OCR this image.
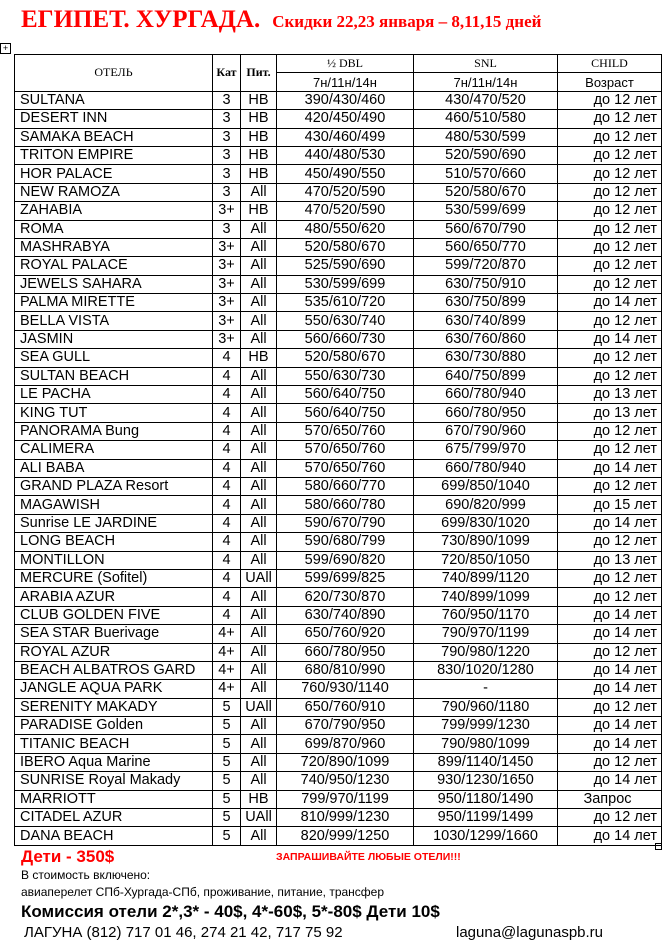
ЕГИПЕТ. ХУРГАДА. Скидки 22,23 января – 8,11,15 дней
+
ОТЕЛЬ	Кат	Пит.	½ DBL	SNL	CHILD
			7н/11н/14н	7н/11н/14н	Возраст
SULTANA	3	HB	390/430/460	430/470/520	до 12 лет
DESERT INN	3	HB	420/450/490	460/510/580	до 12 лет
SAMAKA BEACH	3	HB	430/460/499	480/530/599	до 12 лет
TRITON EMPIRE	3	HB	440/480/530	520/590/690	до 12 лет
HOR PALACE	3	HB	450/490/550	510/570/660	до 12 лет
NEW RAMOZA	3	All	470/520/590	520/580/670	до 12 лет
ZAHABIA	3+	HB	470/520/590	530/599/699	до 12 лет
ROMA	3	All	480/550/620	560/670/790	до 12 лет
MASHRABYA	3+	All	520/580/670	560/650/770	до 12 лет
ROYAL PALACE	3+	All	525/590/690	599/720/870	до 12 лет
JEWELS SAHARA	3+	All	530/599/699	630/750/910	до 12 лет
PALMA MIRETTE	3+	All	535/610/720	630/750/899	до 14 лет
BELLA VISTA	3+	All	550/630/740	630/740/899	до 12 лет
JASMIN	3+	All	560/660/730	630/760/860	до 14 лет
SEA GULL	4	HB	520/580/670	630/730/880	до 12 лет
SULTAN BEACH	4	All	550/630/730	640/750/899	до 12 лет
LE PACHA	4	All	560/640/750	660/780/940	до 13 лет
KING TUT	4	All	560/640/750	660/780/950	до 13 лет
PANORAMA Bung	4	All	570/650/760	670/790/960	до 12 лет
CALIMERA	4	All	570/650/760	675/799/970	до 12 лет
ALI BABA	4	All	570/650/760	660/780/940	до 14 лет
GRAND PLAZA Resort	4	All	580/660/770	699/850/1040	до 12 лет
MAGAWISH	4	All	580/660/780	690/820/999	до 15 лет
Sunrise LE JARDINE	4	All	590/670/790	699/830/1020	до 14 лет
LONG BEACH	4	All	590/680/799	730/890/1099	до 12 лет
MONTILLON	4	All	599/690/820	720/850/1050	до 13 лет
MERCURE (Sofitel)	4	UAll	599/699/825	740/899/1120	до 12 лет
ARABIA AZUR	4	All	620/730/870	740/899/1099	до 12 лет
CLUB GOLDEN FIVE	4	All	630/740/890	760/950/1170	до 14 лет
SEA STAR Buerivage	4+	All	650/760/920	790/970/1199	до 14 лет
ROYAL AZUR	4+	All	660/780/950	790/980/1220	до 12 лет
BEACH ALBATROS GARD	4+	All	680/810/990	830/1020/1280	до 14 лет
JANGLE AQUA PARK	4+	All	760/930/1140	-	до 14 лет
SERENITY MAKADY	5	UAll	650/760/910	790/960/1180	до 12 лет
PARADISE Golden	5	All	670/790/950	799/999/1230	до 14 лет
TITANIC BEACH	5	All	699/870/960	790/980/1099	до 14 лет
IBERO Aqua Marine	5	All	720/890/1099	899/1140/1450	до 12 лет
SUNRISE Royal Makady	5	All	740/950/1230	930/1230/1650	до 14 лет
MARRIOTT	5	HB	799/970/1199	950/1180/1490	Запрос
CITADEL AZUR	5	UAll	810/999/1230	950/1199/1499	до 12 лет
DANA BEACH	5	All	820/999/1250	1030/1299/1660	до 14 лет
Дети - 350$	ЗАПРАШИВАЙТЕ ЛЮБЫЕ ОТЕЛИ!!!
В стоимость включено:
авиаперелет СПб-Хургада-СПб, проживание, питание, трансфер
Комиссия отели 2*,3* - 40$, 4*-60$, 5*-80$ Дети 10$
ЛАГУНА (812) 717 01 46, 274 21 42, 717 75 92	laguna@lagunaspb.ru
